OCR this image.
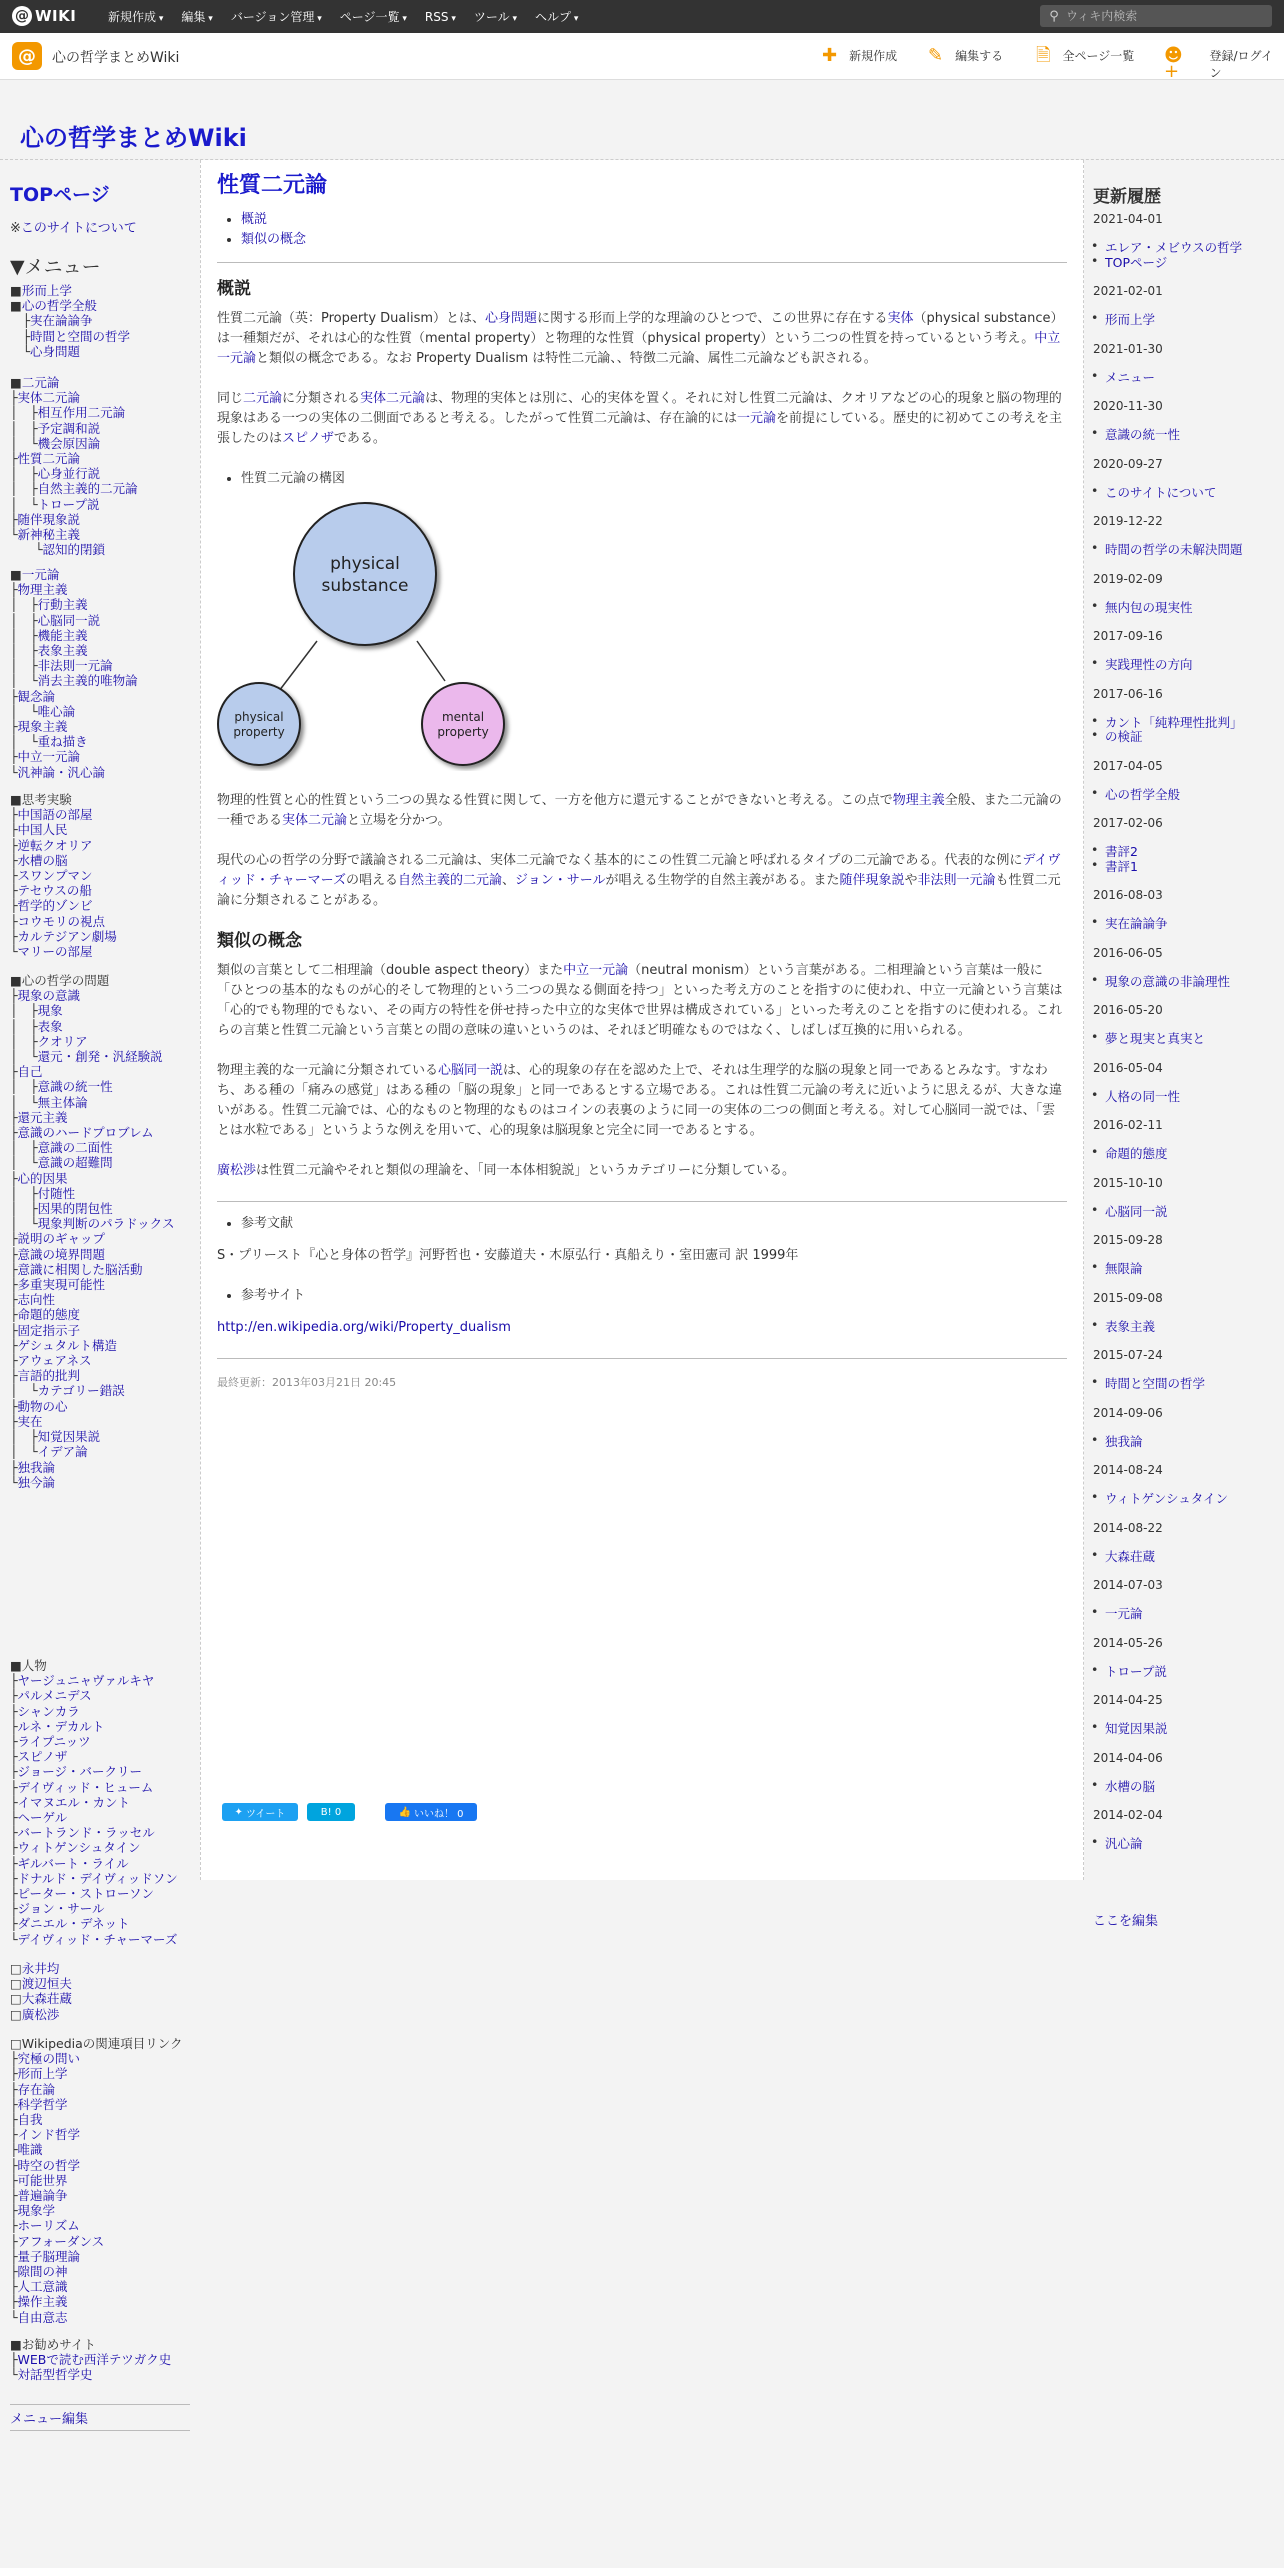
@ WIKI	新規作成 ▾	編集 ▾	バージョン管理 ▾	ページ一覧 ▾	RSS ▾	ツール ▾	ヘルプ ▾	⚲
ウィキ内検索
@	心の哲学まとめWiki	✚ 新規作成 ✎ 編集する 🗎 全ページ一覧 ☻+
登録/ログイン
心の哲学まとめWiki
TOPページ
※このサイトについて
▼メニュー
■形而上学
■心の哲学全般
　├実在論論争
　├時間と空間の哲学
　└心身問題
■二元論
├実体二元論
│　├相互作用二元論
│　├予定調和説
│　└機会原因論
├性質二元論
│　├心身並行説
│　├自然主義的二元論
│　└トロープ説
├随伴現象説
└新神秘主義
　　└認知的閉鎖
■一元論
├物理主義
│　├行動主義
│　├心脳同一説
│　├機能主義
│　├表象主義
│　├非法則一元論
│　└消去主義的唯物論
├観念論
│　└唯心論
├現象主義
│　└重ね描き
├中立一元論
└汎神論・汎心論
■思考実験
├中国語の部屋
├中国人民
├逆転クオリア
├水槽の脳
├スワンプマン
├テセウスの船
├哲学的ゾンビ
├コウモリの視点
├カルテジアン劇場
└マリーの部屋
■心の哲学の問題
├現象の意識
│　├現象
│　├表象
│　├クオリア
│　└還元・創発・汎経験説
├自己
│　├意識の統一性
│　└無主体論
├還元主義
├意識のハードプロブレム
│　├意識の二面性
│　└意識の超難問
├心的因果
│　├付随性
│　├因果的閉包性
│　└現象判断のパラドックス
├説明のギャップ
├意識の境界問題
├意識に相関した脳活動
├多重実現可能性
├志向性
├命題的態度
├固定指示子
├ゲシュタルト構造
├アウェアネス
├言語的批判
│　└カテゴリー錯誤
├動物の心
├実在
│　├知覚因果説
│　└イデア論
├独我論
└独今論
■人物
├ヤージュニャヴァルキヤ
├パルメニデス
├シャンカラ
├ルネ・デカルト
├ライプニッツ
├スピノザ
├ジョージ・バークリー
├デイヴィッド・ヒューム
├イマヌエル・カント
├ヘーゲル
├バートランド・ラッセル
├ウィトゲンシュタイン
├ギルバート・ライル
├ドナルド・デイヴィッドソン
├ピーター・ストローソン
├ジョン・サール
├ダニエル・デネット
└デイヴィッド・チャーマーズ
□永井均
□渡辺恒夫
□大森荘蔵
□廣松渉
□Wikipediaの関連項目リンク
├究極の問い
├形而上学
├存在論
├科学哲学
├自我
├インド哲学
├唯識
├時空の哲学
├可能世界
├普遍論争
├現象学
├ホーリズム
├アフォーダンス
├量子脳理論
├隙間の神
├人工意識
├操作主義
└自由意志
■お勧めサイト
├WEBで読む西洋テツガク史
└対話型哲学史
メニュー編集
性質二元論
• 概説
• 類似の概念
概説

性質二元論（英：Property Dualism）とは、心身問題に関する形而上学的な理論のひとつで、この世界に存在する実体（physical substance）は一種類だが、それは心的な性質（mental property）と物理的な性質（physical property）という二つの性質を持っているという考え。中立一元論と類似の概念である。なお Property Dualism は特性二元論、、特徴二元論、属性二元論なども訳される。

同じ二元論に分類される実体二元論は、物理的実体とは別に、心的実体を置く。それに対し性質二元論は、クオリアなどの心的現象と脳の物理的現象はある一つの実体の二側面であると考える。したがって性質二元論は、存在論的には一元論を前提にしている。歴史的に初めてこの考えを主張したのはスピノザである。

• 性質二元論の構図
physical
substance
physical
property
mental
property

物理的性質と心的性質という二つの異なる性質に関して、一方を他方に還元することができないと考える。この点で物理主義全般、また二元論の一種である実体二元論と立場を分かつ。

現代の心の哲学の分野で議論される二元論は、実体二元論でなく基本的にこの性質二元論と呼ばれるタイプの二元論である。代表的な例にデイヴィッド・チャーマーズの唱える自然主義的二元論、ジョン・サールが唱える生物学的自然主義がある。また随伴現象説や非法則一元論も性質二元論に分類されることがある。

類似の概念

類似の言葉として二相理論（double aspect theory）また中立一元論（neutral monism）という言葉がある。二相理論という言葉は一般に「ひとつの基本的なものが心的そして物理的という二つの異なる側面を持つ」といった考え方のことを指すのに使われ、中立一元論という言葉は「心的でも物理的でもない、その両方の特性を併せ持った中立的な実体で世界は構成されている」といった考えのことを指すのに使われる。これらの言葉と性質二元論という言葉との間の意味の違いというのは、それほど明確なものではなく、しばしば互換的に用いられる。

物理主義的な一元論に分類されている心脳同一説は、心的現象の存在を認めた上で、それは生理学的な脳の現象と同一であるとみなす。すなわち、ある種の「痛みの感覚」はある種の「脳の現象」と同一であるとする立場である。これは性質二元論の考えに近いように思えるが、大きな違いがある。性質二元論では、心的なものと物理的なものはコインの表裏のように同一の実体の二つの側面と考える。対して心脳同一説では、「雲とは水粒である」というような例えを用いて、心的現象は脳現象と完全に同一であるとする。

廣松渉は性質二元論やそれと類似の理論を、「同一本体相貌説」というカテゴリーに分類している。

• 参考文献

S・プリースト『心と身体の哲学』河野哲也・安藤道夫・木原弘行・真船えり・室田憲司 訳 1999年

• 参考サイト

http://en.wikipedia.org/wiki/Property_dualism

最終更新：2013年03月21日 20:45
✦ ツイート	B! 0	👍 いいね！ 0
更新履歴
2021-04-01
• エレア・メビウスの哲学
• TOPページ
2021-02-01
• 形而上学
2021-01-30
• メニュー
2020-11-30
• 意識の統一性
2020-09-27
• このサイトについて
2019-12-22
• 時間の哲学の未解決問題
2019-02-09
• 無内包の現実性
2017-09-16
• 実践理性の方向
2017-06-16
• カント「純粋理性批判」
• の検証
2017-04-05
• 心の哲学全般
2017-02-06
• 書評2
• 書評1
2016-08-03
• 実在論論争
2016-06-05
• 現象の意識の非論理性
2016-05-20
• 夢と現実と真実と
2016-05-04
• 人格の同一性
2016-02-11
• 命題的態度
2015-10-10
• 心脳同一説
2015-09-28
• 無限論
2015-09-08
• 表象主義
2015-07-24
• 時間と空間の哲学
2014-09-06
• 独我論
2014-08-24
• ウィトゲンシュタイン
2014-08-22
• 大森荘蔵
2014-07-03
• 一元論
2014-05-26
• トロープ説
2014-04-25
• 知覚因果説
2014-04-06
• 水槽の脳
2014-02-04
• 汎心論
ここを編集
